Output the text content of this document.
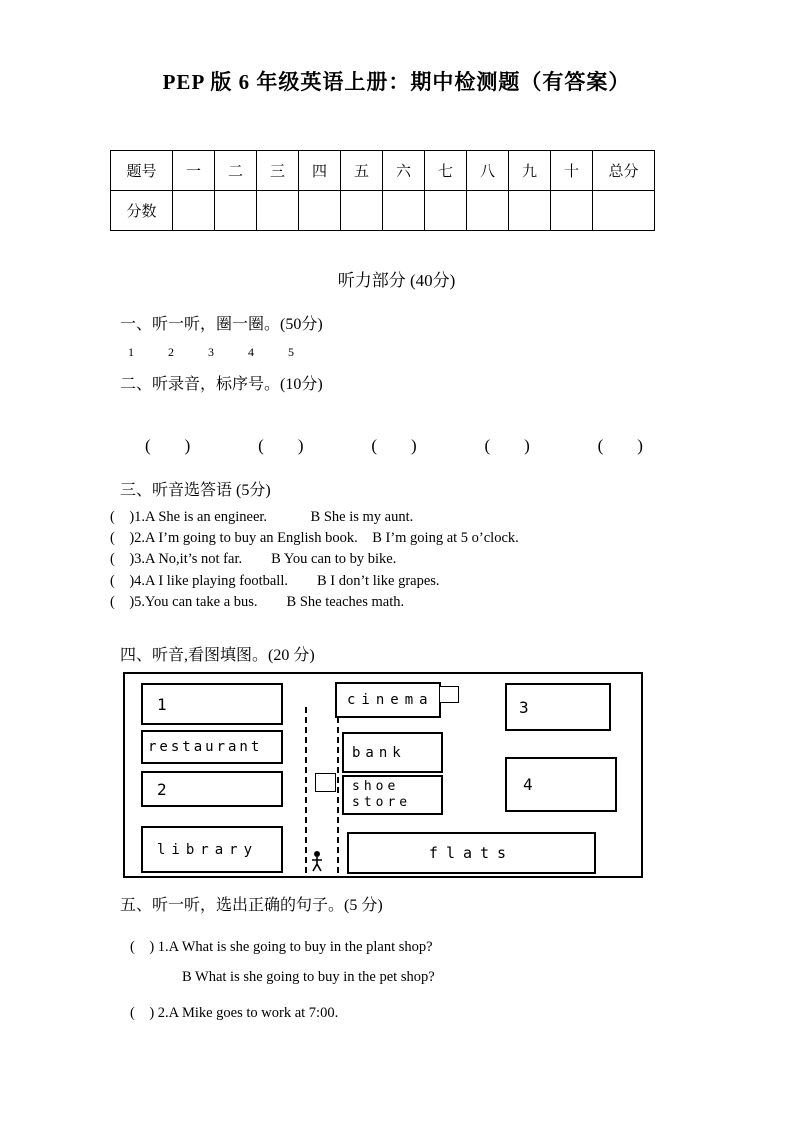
PEP 版 6 年级英语上册：期中检测题（有答案）
题号	一	二	三	四	五	六	七	八	九	十	总分
分数											
听力部分 (40分)
一、听一听，圈一圈。(50分)
1	2	3	4	5
二、听录音，标序号。(10分)
(　　)	(　　)	(　　)	(　　)	(　　)
三、听音选答语 (5分)
(　)1.A She is an engineer.　　　B She is my aunt.
(　)2.A I’m going to buy an English book.　B I’m going at 5 o’clock.
(　)3.A No,it’s not far.　　B You can to by bike.
(　)4.A I like playing football.　　B I don’t like grapes.
(　)5.You can take a bus.　　B She teaches math.
四、听音,看图填图。(20 分)
1	cinema	3
restaurant	bank
2	shoe
store
4
library	flats
五、听一听，选出正确的句子。(5 分)
(　) 1.A What is she going to buy in the plant shop?
B What is she going to buy in the pet shop?
(　) 2.A Mike goes to work at 7:00.
